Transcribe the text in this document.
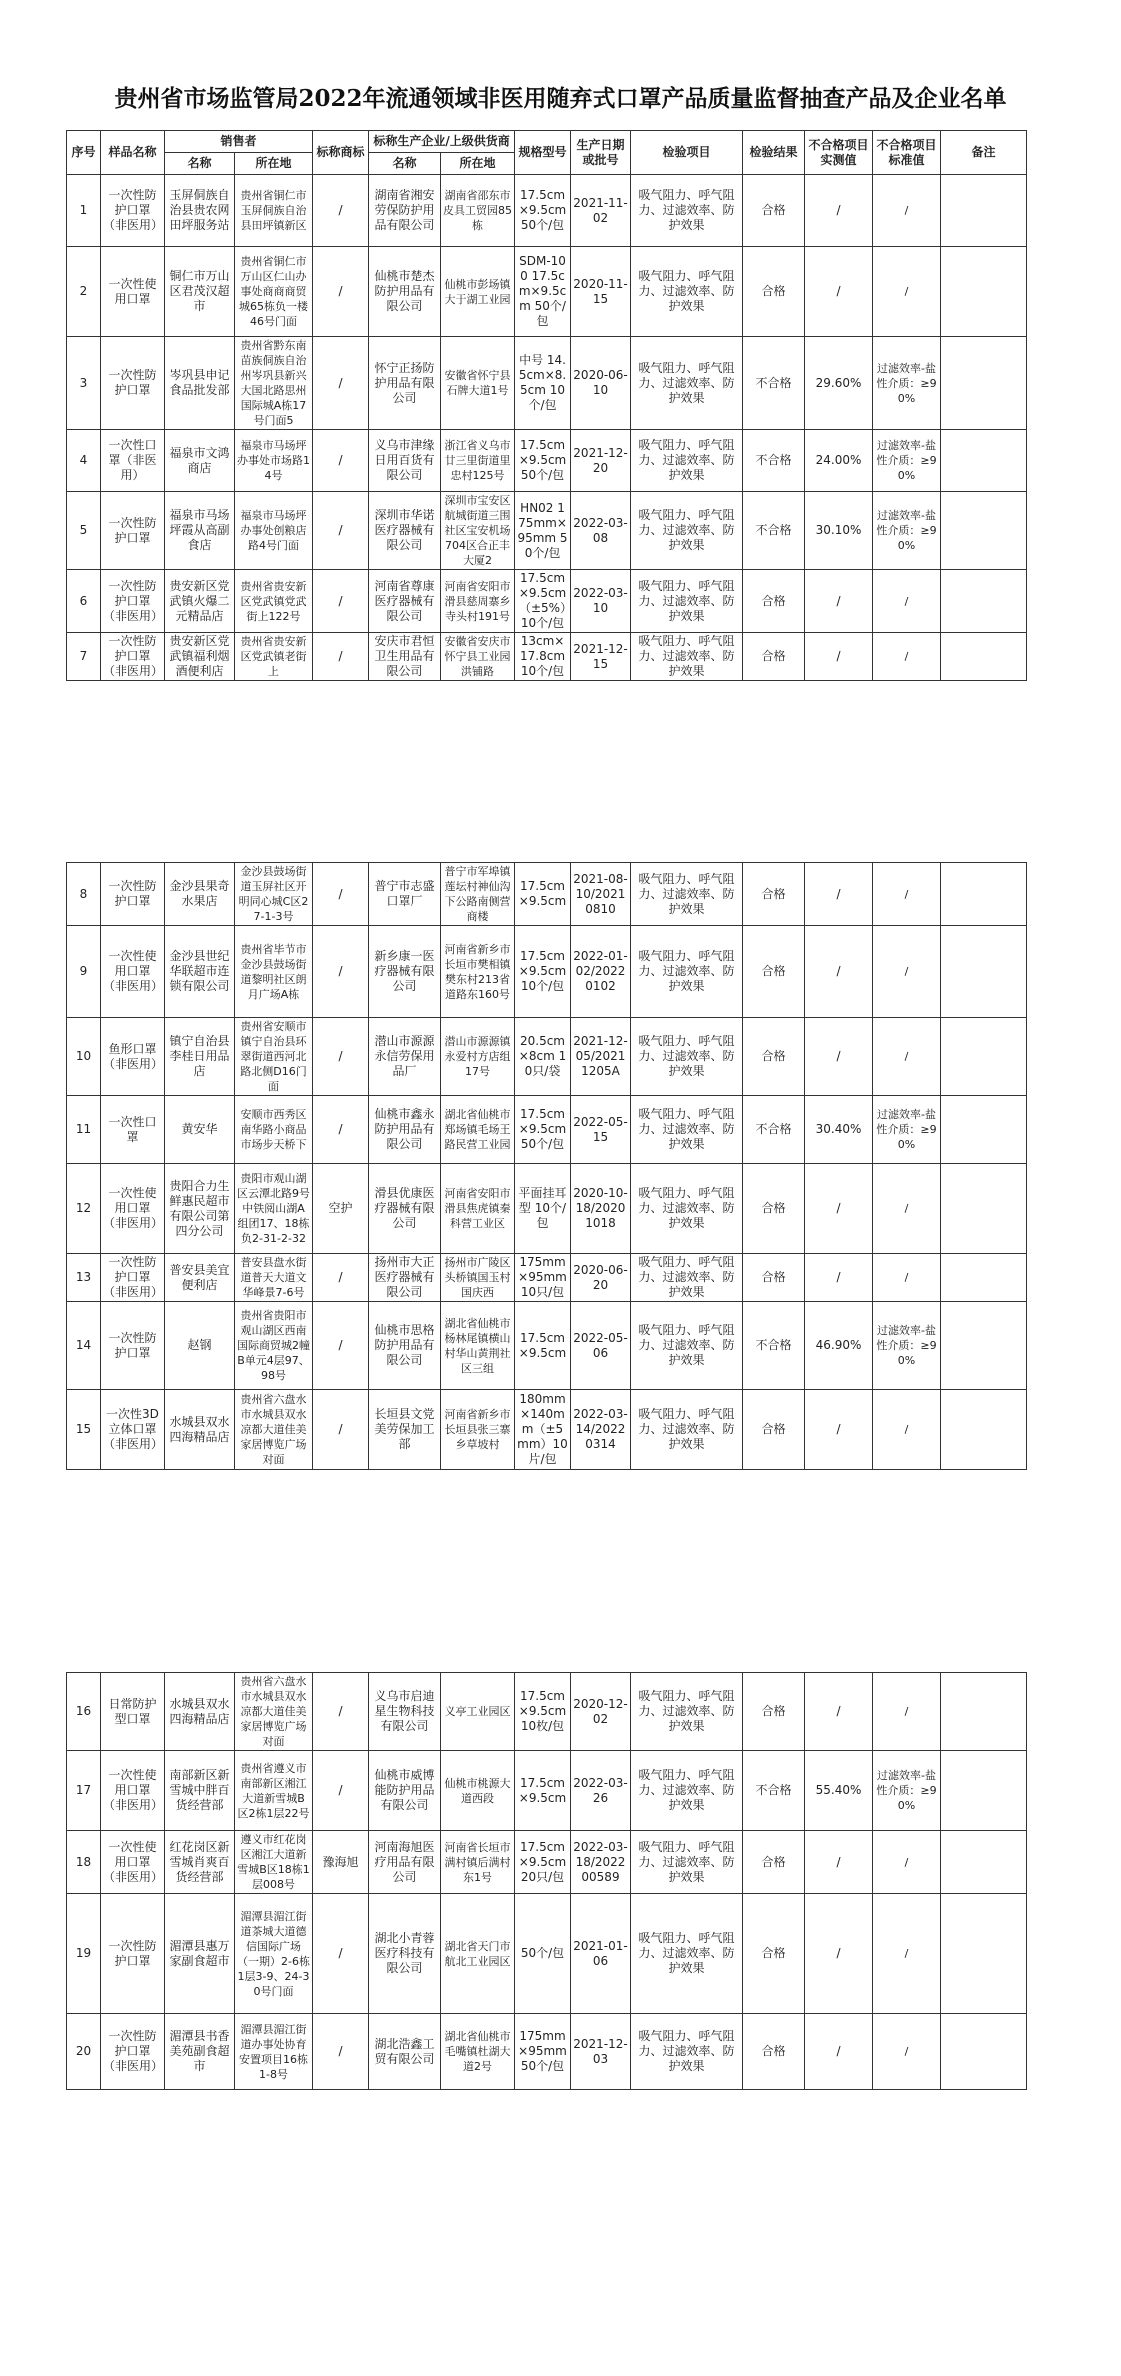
贵州省市场监管局2022年流通领域非医用随弃式口罩产品质量监督抽查产品及企业名单
序号	样品名称	销售者		标称商标	标称生产企业/上级供货商		规格型号	生产日期或批号	检验项目	检验结果	不合格项目实测值	不合格项目标准值	备注
		名称	所在地		名称	所在地							
1	一次性防护口罩（非医用）	玉屏侗族自治县贵农网田坪服务站	贵州省铜仁市玉屏侗族自治县田坪镇新区	/	湖南省湘安劳保防护用品有限公司	湖南省邵东市皮具工贸园85栋	17.5cm×9.5cm 50个/包	2021-11-02	吸气阻力、呼气阻力、过滤效率、防护效果	合格	/	/	
2	一次性使用口罩	铜仁市万山区君茂汉超市	贵州省铜仁市万山区仁山办事处商商商贸城65栋负一楼46号门面	/	仙桃市楚杰防护用品有限公司	仙桃市彭场镇大于湖工业园	SDM-100 17.5cm×9.5cm 50个/包	2020-11-15	吸气阻力、呼气阻力、过滤效率、防护效果	合格	/	/	
3	一次性防护口罩	岑巩县申记食品批发部	贵州省黔东南苗族侗族自治州岑巩县新兴大国北路思州国际城A栋17号门面5	/	怀宁正扬防护用品有限公司	安徽省怀宁县石牌大道1号	中号 14.5cm×8.5cm 10个/包	2020-06-10	吸气阻力、呼气阻力、过滤效率、防护效果	不合格	29.60%	过滤效率-盐性介质：≥90%	
4	一次性口罩（非医用）	福泉市文鸿商店	福泉市马场坪办事处市场路14号	/	义乌市津缘日用百货有限公司	浙江省义乌市廿三里街道里忠村125号	17.5cm×9.5cm 50个/包	2021-12-20	吸气阻力、呼气阻力、过滤效率、防护效果	不合格	24.00%	过滤效率-盐性介质：≥90%	
5	一次性防护口罩	福泉市马场坪霞从高副食店	福泉市马场坪办事处创粮店路4号门面	/	深圳市华诺医疗器械有限公司	深圳市宝安区航城街道三围社区宝安机场704区合正丰大厦2	HN02 175mm×95mm 50个/包	2022-03-08	吸气阻力、呼气阻力、过滤效率、防护效果	不合格	30.10%	过滤效率-盐性介质：≥90%	
6	一次性防护口罩（非医用）	贵安新区党武镇火爆二元精品店	贵州省贵安新区党武镇党武街上122号	/	河南省尊康医疗器械有限公司	河南省安阳市滑县慈周寨乡寺头村191号	17.5cm×9.5cm（±5%）10个/包	2022-03-10	吸气阻力、呼气阻力、过滤效率、防护效果	合格	/	/	
7	一次性防护口罩（非医用）	贵安新区党武镇福利烟酒便利店	贵州省贵安新区党武镇老街上	/	安庆市君恒卫生用品有限公司	安徽省安庆市怀宁县工业园洪铺路	13cm×17.8cm 10个/包	2021-12-15	吸气阻力、呼气阻力、过滤效率、防护效果	合格	/	/	
8	一次性防护口罩	金沙县果奇水果店	金沙县鼓场街道玉屏社区开明同心城C区27-1-3号	/	普宁市志盛口罩厂	普宁市军埠镇莲坛村神仙沟下公路南侧营商楼	17.5cm×9.5cm	2021-08-10/20210810	吸气阻力、呼气阻力、过滤效率、防护效果	合格	/	/	
9	一次性使用口罩（非医用）	金沙县世纪华联超市连锁有限公司	贵州省毕节市金沙县鼓场街道黎明社区朗月广场A栋	/	新乡康一医疗器械有限公司	河南省新乡市长垣市樊相镇樊东村213省道路东160号	17.5cm×9.5cm 10个/包	2022-01-02/20220102	吸气阻力、呼气阻力、过滤效率、防护效果	合格	/	/	
10	鱼形口罩（非医用）	镇宁自治县李桂日用品店	贵州省安顺市镇宁自治县环翠街道西河北路北侧D16门面	/	潜山市源源永信劳保用品厂	潜山市源源镇永爱村方店组17号	20.5cm×8cm 10只/袋	2021-12-05/20211205A	吸气阻力、呼气阻力、过滤效率、防护效果	合格	/	/	
11	一次性口罩	黄安华	安顺市西秀区南华路小商品市场步天桥下	/	仙桃市鑫永防护用品有限公司	湖北省仙桃市郑场镇毛场王路民营工业园	17.5cm×9.5cm 50个/包	2022-05-15	吸气阻力、呼气阻力、过滤效率、防护效果	不合格	30.40%	过滤效率-盐性介质：≥90%	
12	一次性使用口罩（非医用）	贵阳合力生鲜惠民超市有限公司第四分公司	贵阳市观山湖区云潭北路9号中铁阅山湖A组团17、18栋负2-31-2-32	空护	滑县优康医疗器械有限公司	河南省安阳市滑县焦虎镇秦科营工业区	平面挂耳型 10个/包	2020-10-18/20201018	吸气阻力、呼气阻力、过滤效率、防护效果	合格	/	/	
13	一次性防护口罩（非医用）	普安县美宜便利店	普安县盘水街道普天大道文华峰景7-6号	/	扬州市大正医疗器械有限公司	扬州市广陵区头桥镇国玉村国庆西	175mm×95mm 10只/包	2020-06-20	吸气阻力、呼气阻力、过滤效率、防护效果	合格	/	/	
14	一次性防护口罩	赵钢	贵州省贵阳市观山湖区西南国际商贸城2幢B单元4层97、98号	/	仙桃市思格防护用品有限公司	湖北省仙桃市杨林尾镇横山村华山黄荆社区三组	17.5cm×9.5cm	2022-05-06	吸气阻力、呼气阻力、过滤效率、防护效果	不合格	46.90%	过滤效率-盐性介质：≥90%	
15	一次性3D立体口罩（非医用）	水城县双水四海精品店	贵州省六盘水市水城县双水凉都大道佳美家居博览广场对面	/	长垣县文党美劳保加工部	河南省新乡市长垣县张三寨乡草坡村	180mm×140mm（±5mm）10片/包	2022-03-14/20220314	吸气阻力、呼气阻力、过滤效率、防护效果	合格	/	/	
16	日常防护型口罩	水城县双水四海精品店	贵州省六盘水市水城县双水凉都大道佳美家居博览广场对面	/	义乌市启迪星生物科技有限公司	义亭工业园区	17.5cm×9.5cm 10枚/包	2020-12-02	吸气阻力、呼气阻力、过滤效率、防护效果	合格	/	/	
17	一次性使用口罩（非医用）	南部新区新雪城中胖百货经营部	贵州省遵义市南部新区湘江大道新雪城B区2栋1层22号	/	仙桃市威博能防护用品有限公司	仙桃市桃源大道西段	17.5cm×9.5cm	2022-03-26	吸气阻力、呼气阻力、过滤效率、防护效果	不合格	55.40%	过滤效率-盐性介质：≥90%	
18	一次性使用口罩（非医用）	红花岗区新雪城肖爽百货经营部	遵义市红花岗区湘江大道新雪城B区18栋1层008号	豫海旭	河南海旭医疗用品有限公司	河南省长垣市满村镇后满村东1号	17.5cm×9.5cm 20只/包	2022-03-18/202200589	吸气阻力、呼气阻力、过滤效率、防护效果	合格	/	/	
19	一次性防护口罩	湄潭县惠万家副食超市	湄潭县湄江街道茶城大道德信国际广场（一期）2-6栋1层3-9、24-30号门面	/	湖北小青蓉医疗科技有限公司	湖北省天门市航北工业园区	50个/包	2021-01-06	吸气阻力、呼气阻力、过滤效率、防护效果	合格	/	/	
20	一次性防护口罩（非医用）	湄潭县书香美苑副食超市	湄潭县湄江街道办事处协育安置项目16栋1-8号	/	湖北浩鑫工贸有限公司	湖北省仙桃市毛嘴镇杜湖大道2号	175mm×95mm 50个/包	2021-12-03	吸气阻力、呼气阻力、过滤效率、防护效果	合格	/	/	
